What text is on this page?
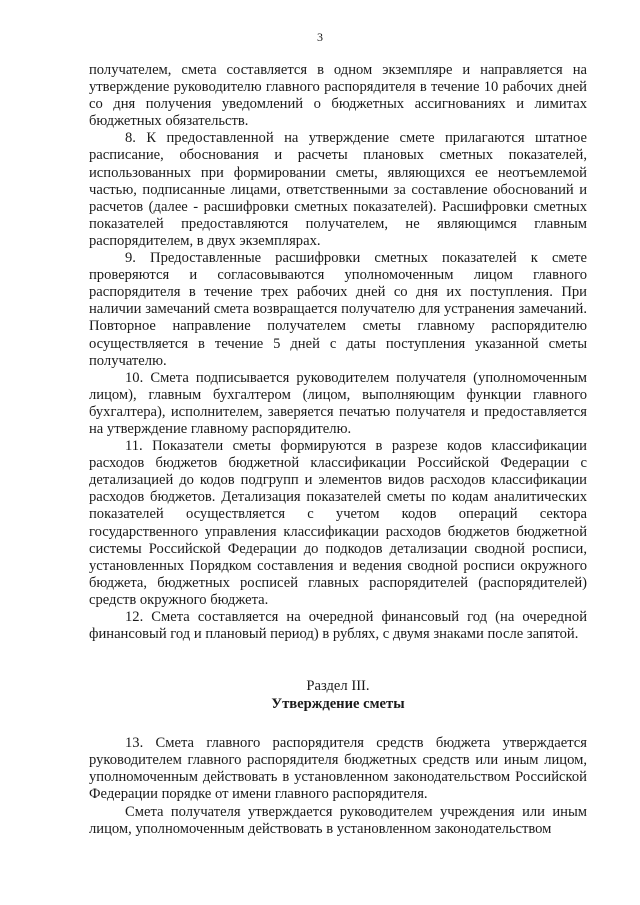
3

получателем, смета составляется в одном экземпляре и направляется на утверждение руководителю главного распорядителя в течение 10 рабочих дней со дня получения уведомлений о бюджетных ассигнованиях и лимитах бюджетных обязательств.

8. К предоставленной на утверждение смете прилагаются штатное расписание, обоснования и расчеты плановых сметных показателей, использованных при формировании сметы, являющихся ее неотъемлемой частью, подписанные лицами, ответственными за составление обоснований и расчетов (далее - расшифровки сметных показателей). Расшифровки сметных показателей предоставляются получателем, не являющимся главным распорядителем, в двух экземплярах.

9. Предоставленные расшифровки сметных показателей к смете проверяются и согласовываются уполномоченным лицом главного распорядителя в течение трех рабочих дней со дня их поступления. При наличии замечаний смета возвращается получателю для устранения замечаний. Повторное направление получателем сметы главному распорядителю осуществляется в течение 5 дней с даты поступления указанной сметы получателю.

10. Смета подписывается руководителем получателя (уполномоченным лицом), главным бухгалтером (лицом, выполняющим функции главного бухгалтера), исполнителем, заверяется печатью получателя и предоставляется на утверждение главному распорядителю.

11. Показатели сметы формируются в разрезе кодов классификации расходов бюджетов бюджетной классификации Российской Федерации с детализацией до кодов подгрупп и элементов видов расходов классификации расходов бюджетов. Детализация показателей сметы по кодам аналитических показателей осуществляется с учетом кодов операций сектора государственного управления классификации расходов бюджетов бюджетной системы Российской Федерации до подкодов детализации сводной росписи, установленных Порядком составления и ведения сводной росписи окружного бюджета, бюджетных росписей главных распорядителей (распорядителей) средств окружного бюджета.

12. Смета составляется на очередной финансовый год (на очередной финансовый год и плановый период) в рублях, с двумя знаками после запятой.

Раздел III.
Утверждение сметы

13. Смета главного распорядителя средств бюджета утверждается руководителем главного распорядителя бюджетных средств или иным лицом, уполномоченным действовать в установленном законодательством Российской Федерации порядке от имени главного распорядителя.

Смета получателя утверждается руководителем учреждения или иным лицом, уполномоченным действовать в установленном законодательством
